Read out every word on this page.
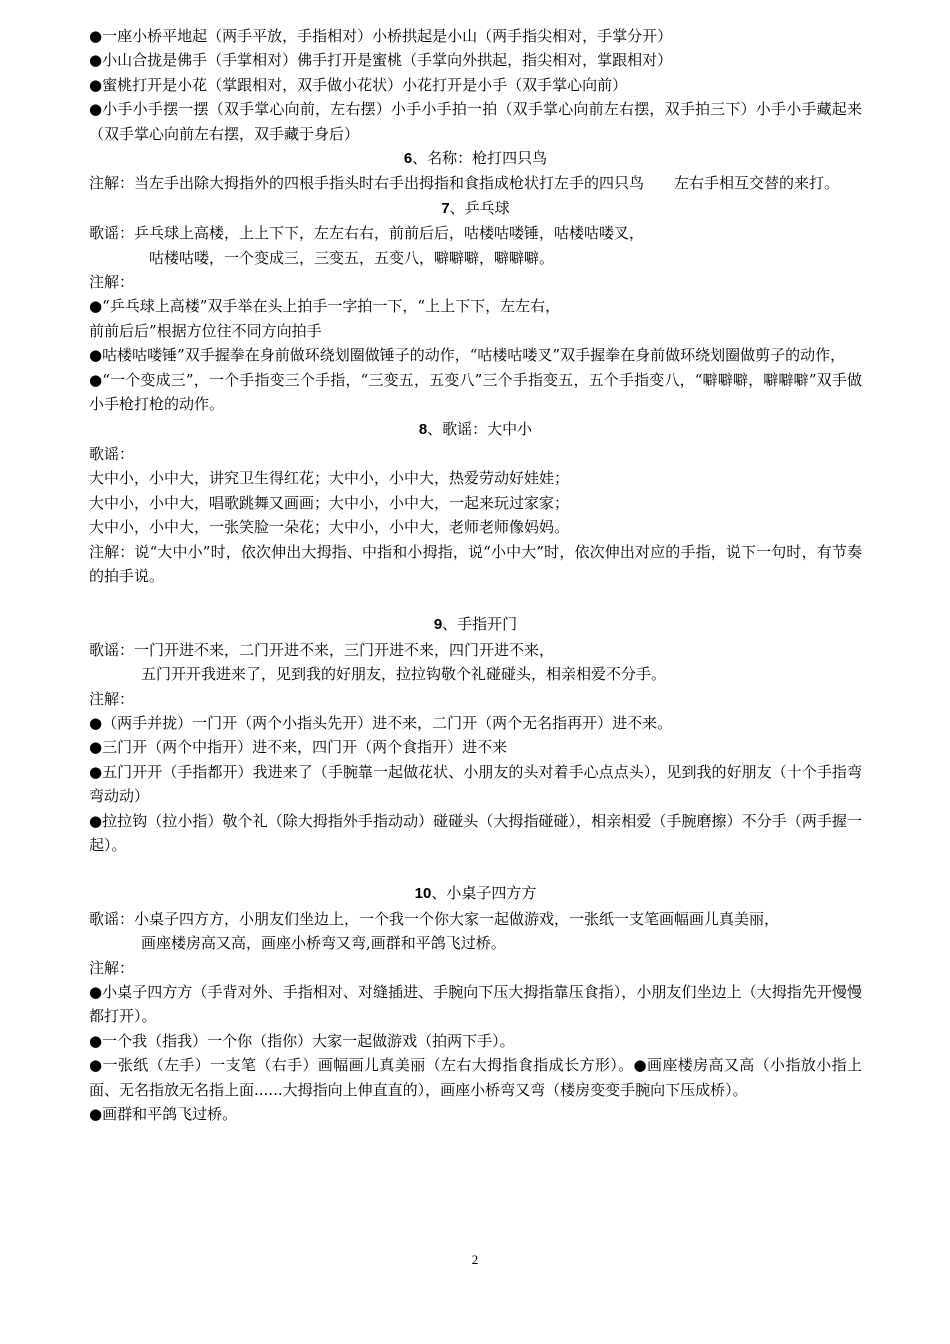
●一座小桥平地起（两手平放，手指相对）小桥拱起是小山（两手指尖相对，手掌分开）
●小山合拢是佛手（手掌相对）佛手打开是蜜桃（手掌向外拱起，指尖相对，掌跟相对）
●蜜桃打开是小花（掌跟相对，双手做小花状）小花打开是小手（双手掌心向前）
●小手小手摆一摆（双手掌心向前，左右摆）小手小手拍一拍（双手掌心向前左右摆，双手拍三下）小手小手藏起来（双手掌心向前左右摆，双手藏于身后）
6、名称：枪打四只鸟
注解：当左手出除大拇指外的四根手指头时右手出拇指和食指成枪状打左手的四只鸟　　左右手相互交替的来打。
7、乒乓球
歌谣：乒乓球上高楼，上上下下，左左右右，前前后后，咕楼咕喽锤，咕楼咕喽叉，
咕楼咕喽，一个变成三，三变五，五变八，噼噼噼，噼噼噼。
注解：
●“乒乓球上高楼”双手举在头上拍手一字拍一下，“上上下下，左左右，
前前后后”根据方位往不同方向拍手
●咕楼咕喽锤”双手握拳在身前做环绕划圈做锤子的动作，“咕楼咕喽叉”双手握拳在身前做环绕划圈做剪子的动作，
●“一个变成三”，一个手指变三个手指，“三变五，五变八”三个手指变五，五个手指变八，“噼噼噼，噼噼噼”双手做小手枪打枪的动作。
8、歌谣：大中小
歌谣：
大中小，小中大，讲究卫生得红花；大中小，小中大，热爱劳动好娃娃；
大中小，小中大，唱歌跳舞又画画；大中小，小中大，一起来玩过家家；
大中小，小中大，一张笑脸一朵花；大中小，小中大，老师老师像妈妈。
注解：说“大中小”时，依次伸出大拇指、中指和小拇指，说“小中大”时，依次伸出对应的手指，说下一句时，有节奏的拍手说。
9、手指开门
歌谣：一门开进不来，二门开进不来，三门开进不来，四门开进不来，
五门开开我进来了，见到我的好朋友，拉拉钩敬个礼碰碰头，相亲相爱不分手。
注解：
●（两手并拢）一门开（两个小指头先开）进不来，二门开（两个无名指再开）进不来。
●三门开（两个中指开）进不来，四门开（两个食指开）进不来
●五门开开（手指都开）我进来了（手腕靠一起做花状、小朋友的头对着手心点点头），见到我的好朋友（十个手指弯弯动动）
●拉拉钩（拉小指）敬个礼（除大拇指外手指动动）碰碰头（大拇指碰碰），相亲相爱（手腕磨擦）不分手（两手握一起）。
10、小桌子四方方
歌谣：小桌子四方方，小朋友们坐边上，一个我一个你大家一起做游戏，一张纸一支笔画幅画儿真美丽，
画座楼房高又高，画座小桥弯又弯,画群和平鸽飞过桥。
注解：
●小桌子四方方（手背对外、手指相对、对缝插进、手腕向下压大拇指靠压食指），小朋友们坐边上（大拇指先开慢慢都打开）。
●一个我（指我）一个你（指你）大家一起做游戏（拍两下手）。
●一张纸（左手）一支笔（右手）画幅画儿真美丽（左右大拇指食指成长方形）。●画座楼房高又高（小指放小指上面、无名指放无名指上面......大拇指向上伸直直的），画座小桥弯又弯（楼房变变手腕向下压成桥）。
●画群和平鸽飞过桥。
2
